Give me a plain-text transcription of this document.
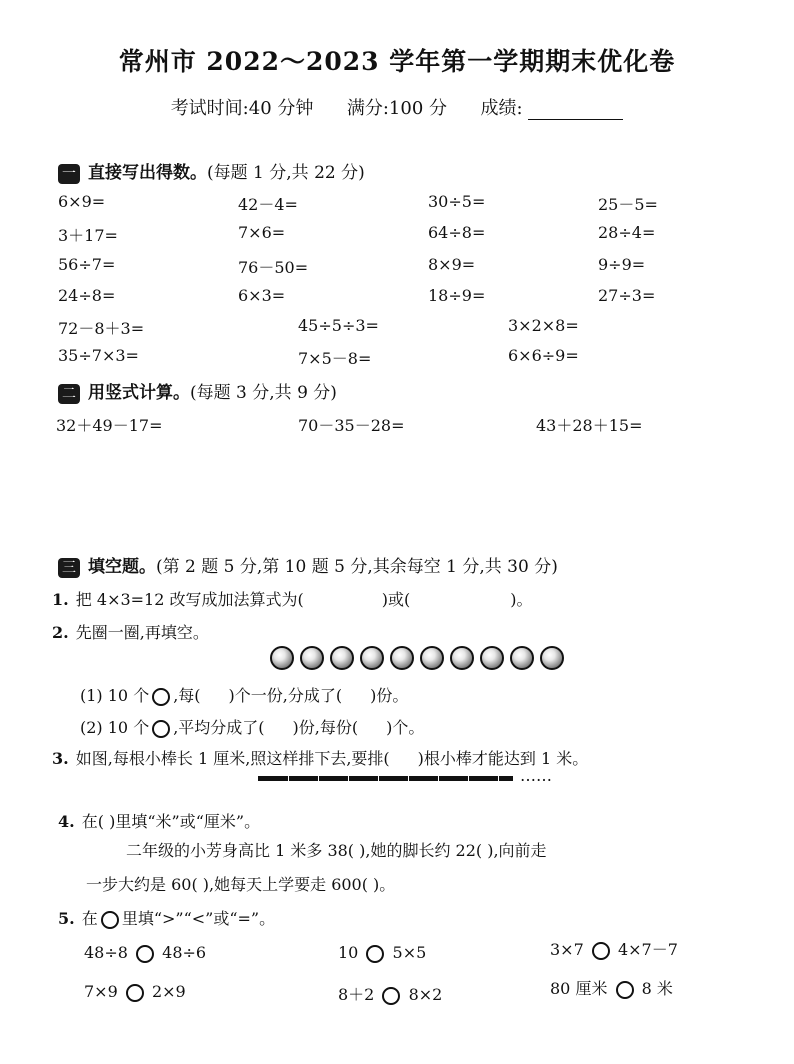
常州市 2022～2023 学年第一学期期末优化卷
考试时间:40 分钟 满分:100 分 成绩:
一 直接写出得数。(每题 1 分,共 22 分)
6×9=	42－4=	30÷5=	25－5=
3＋17=	7×6=	64÷8=	28÷4=
56÷7=	76－50=	8×9=	9÷9=
24÷8=	6×3=	18÷9=	27÷3=
72－8＋3=	45÷5÷3=	3×2×8=
35÷7×3=	7×5－8=	6×6÷9=
二 用竖式计算。(每题 3 分,共 9 分)
32＋49－17=	70－35－28=	43＋28＋15=
三 填空题。(第 2 题 5 分,第 10 题 5 分,其余每空 1 分,共 30 分)
1. 把 4×3=12 改写成加法算式为(	)或(	)。
2. 先圈一圈,再填空。
(1) 10 个 ,每( )个一份,分成了( )份。
(2) 10 个 ,平均分成了( )份,每份( )个。
3. 如图,每根小棒长 1 厘米,照这样排下去,要排( )根小棒才能达到 1 米。
……
4. 在( )里填“米”或“厘米”。
二年级的小芳身高比 1 米多 38( ),她的脚长约 22( ),向前走
一步大约是 60( ),她每天上学要走 600( )。
5. 在 里填“>”“<”或“=”。
48÷8 48÷6	10 5×5	3×7 4×7－7
7×9 2×9	8＋2 8×2	80 厘米 8 米
